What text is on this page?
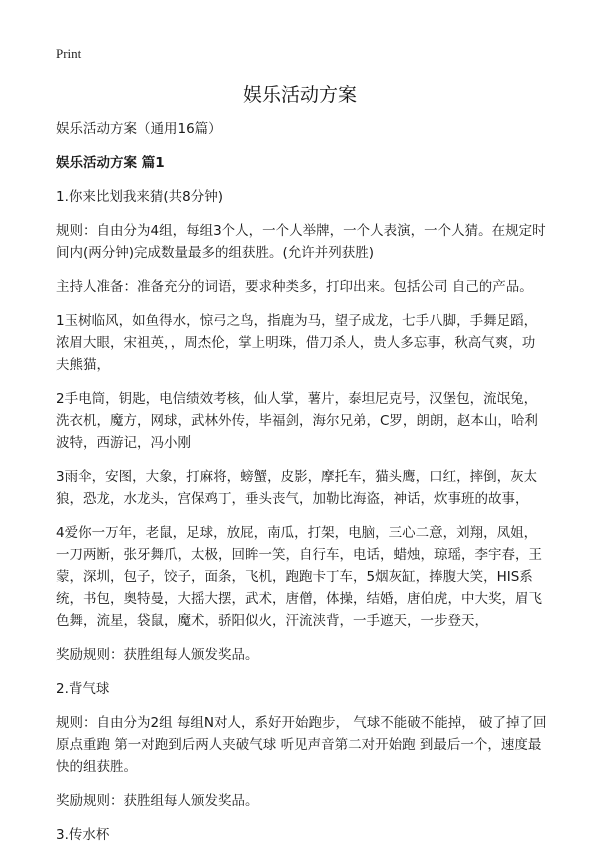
Print
娱乐活动方案

娱乐活动方案（通用16篇）

娱乐活动方案 篇1

1.你来比划我来猜(共8分钟)

规则：自由分为4组，每组3个人，一个人举牌，一个人表演，一个人猜。在规定时间内(两分钟)完成数量最多的组获胜。(允许并列获胜)

主持人准备：准备充分的词语，要求种类多，打印出来。包括公司 自己的产品。

1玉树临风，如鱼得水，惊弓之鸟，指鹿为马，望子成龙，七手八脚，手舞足蹈，浓眉大眼，宋祖英，，周杰伦，掌上明珠，借刀杀人，贵人多忘事，秋高气爽，功夫熊猫，

2手电筒，钥匙，电信绩效考核，仙人掌，薯片，泰坦尼克号，汉堡包，流氓兔，洗衣机，魔方，网球，武林外传，毕福剑，海尔兄弟，C罗，朗朗，赵本山，哈利波特，西游记，冯小刚

3雨伞，安图，大象，打麻将，螃蟹，皮影，摩托车，猫头鹰，口红，摔倒，灰太狼，恐龙，水龙头，宫保鸡丁，垂头丧气，加勒比海盗，神话，炊事班的故事，

4爱你一万年，老鼠，足球，放屁，南瓜，打架，电脑，三心二意，刘翔，凤姐，一刀两断，张牙舞爪，太极，回眸一笑，自行车，电话，蜡烛，琼瑶，李宇春，王蒙，深圳，包子，饺子，面条，飞机，跑跑卡丁车，5烟灰缸，捧腹大笑，HIS系统，书包，奥特曼，大摇大摆，武术，唐僧，体操，结婚，唐伯虎，中大奖，眉飞色舞，流星，袋鼠，魔术，骄阳似火，汗流浃背，一手遮天，一步登天，

奖励规则：获胜组每人颁发奖品。

2.背气球

规则：自由分为2组 每组N对人，系好开始跑步， 气球不能破不能掉， 破了掉了回原点重跑 第一对跑到后两人夹破气球 听见声音第二对开始跑 到最后一个，速度最快的组获胜。

奖励规则：获胜组每人颁发奖品。

3.传水杯
